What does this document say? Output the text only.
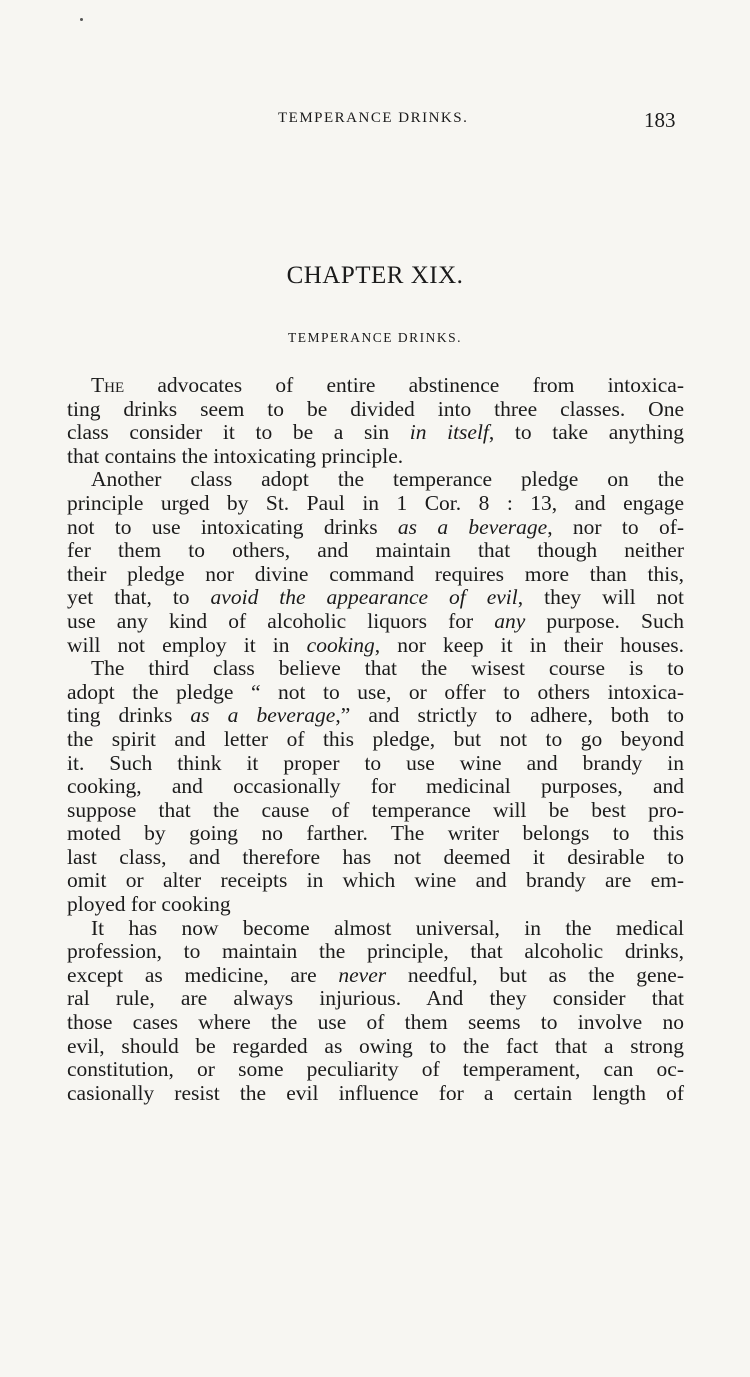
TEMPERANCE DRINKS.	183
CHAPTER XIX.
TEMPERANCE DRINKS.
The advocates of entire abstinence from intoxica-
ting drinks seem to be divided into three classes. One
class consider it to be a sin in itself, to take anything
that contains the intoxicating principle.
Another class adopt the temperance pledge on the
principle urged by St. Paul in 1 Cor. 8 : 13, and engage
not to use intoxicating drinks as a beverage, nor to of-
fer them to others, and maintain that though neither
their pledge nor divine command requires more than this,
yet that, to avoid the appearance of evil, they will not
use any kind of alcoholic liquors for any purpose. Such
will not employ it in cooking, nor keep it in their houses.
The third class believe that the wisest course is to
adopt the pledge “ not to use, or offer to others intoxica-
ting drinks as a beverage,” and strictly to adhere, both to
the spirit and letter of this pledge, but not to go beyond
it. Such think it proper to use wine and brandy in
cooking, and occasionally for medicinal purposes, and
suppose that the cause of temperance will be best pro-
moted by going no farther. The writer belongs to this
last class, and therefore has not deemed it desirable to
omit or alter receipts in which wine and brandy are em-
ployed for cooking
It has now become almost universal, in the medical
profession, to maintain the principle, that alcoholic drinks,
except as medicine, are never needful, but as the gene-
ral rule, are always injurious. And they consider that
those cases where the use of them seems to involve no
evil, should be regarded as owing to the fact that a strong
constitution, or some peculiarity of temperament, can oc-
casionally resist the evil influence for a certain length of
